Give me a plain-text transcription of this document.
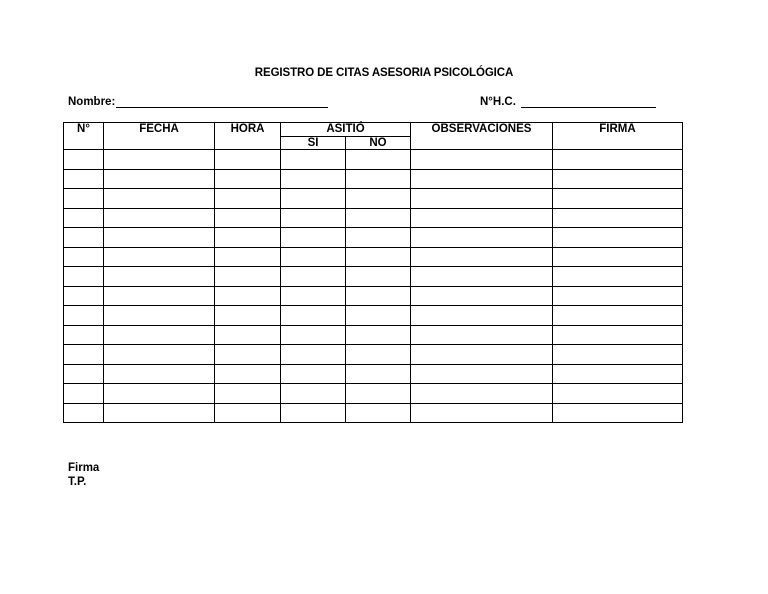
REGISTRO DE CITAS ASESORIA PSICOLÓGICA
Nombre:	N°H.C.
N°	FECHA	HORA	ASITIÓ		OBSERVACIONES	FIRMA
			SI	NO		

Firma
T.P.
